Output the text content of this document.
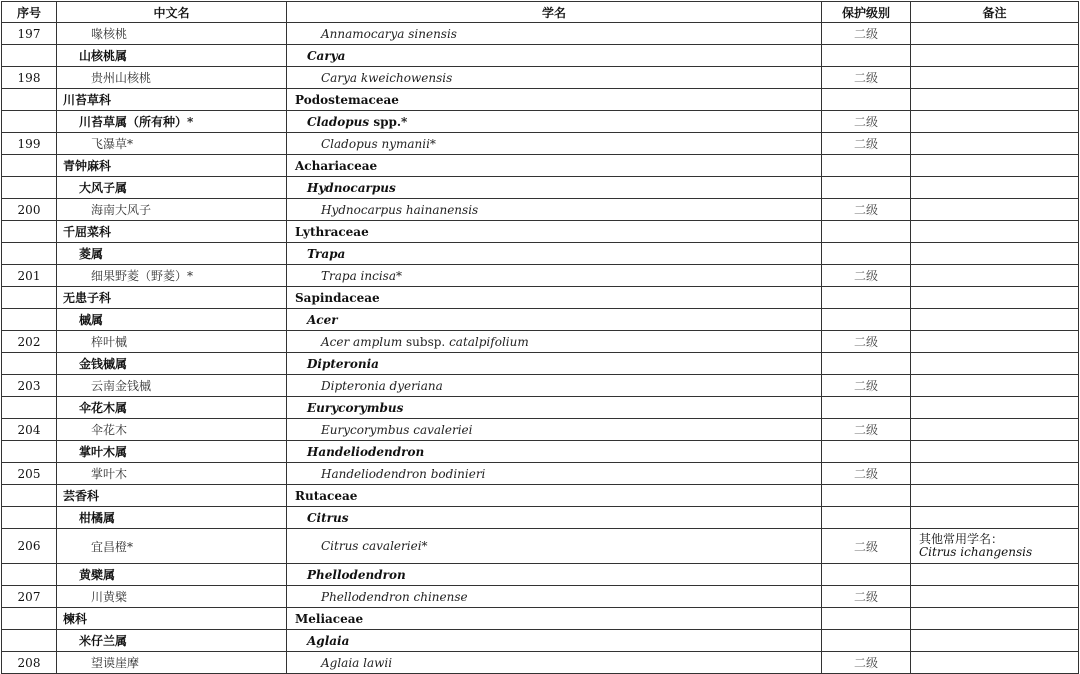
序号	中文名	学名	保护级别	备注
197	喙核桃	Annamocarya sinensis	二级	
	山核桃属	Carya		
198	贵州山核桃	Carya kweichowensis	二级	
	川苔草科	Podostemaceae		
	川苔草属（所有种）*	Cladopus spp.*	二级	
199	飞瀑草*	Cladopus nymanii*	二级	
	青钟麻科	Achariaceae		
	大风子属	Hydnocarpus		
200	海南大风子	Hydnocarpus hainanensis	二级	
	千屈菜科	Lythraceae		
	菱属	Trapa		
201	细果野菱（野菱）*	Trapa incisa*	二级	
	无患子科	Sapindaceae		
	槭属	Acer		
202	梓叶槭	Acer amplum subsp. catalpifolium	二级	
	金钱槭属	Dipteronia		
203	云南金钱槭	Dipteronia dyeriana	二级	
	伞花木属	Eurycorymbus		
204	伞花木	Eurycorymbus cavaleriei	二级	
	掌叶木属	Handeliodendron		
205	掌叶木	Handeliodendron bodinieri	二级	
	芸香科	Rutaceae		
	柑橘属	Citrus		
206	宜昌橙*	Citrus cavaleriei*	二级	其他常用学名：
Citrus ichangensis
	黄檗属	Phellodendron		
207	川黄檗	Phellodendron chinense	二级	
	楝科	Meliaceae		
	米仔兰属	Aglaia		
208	望谟崖摩	Aglaia lawii	二级	
